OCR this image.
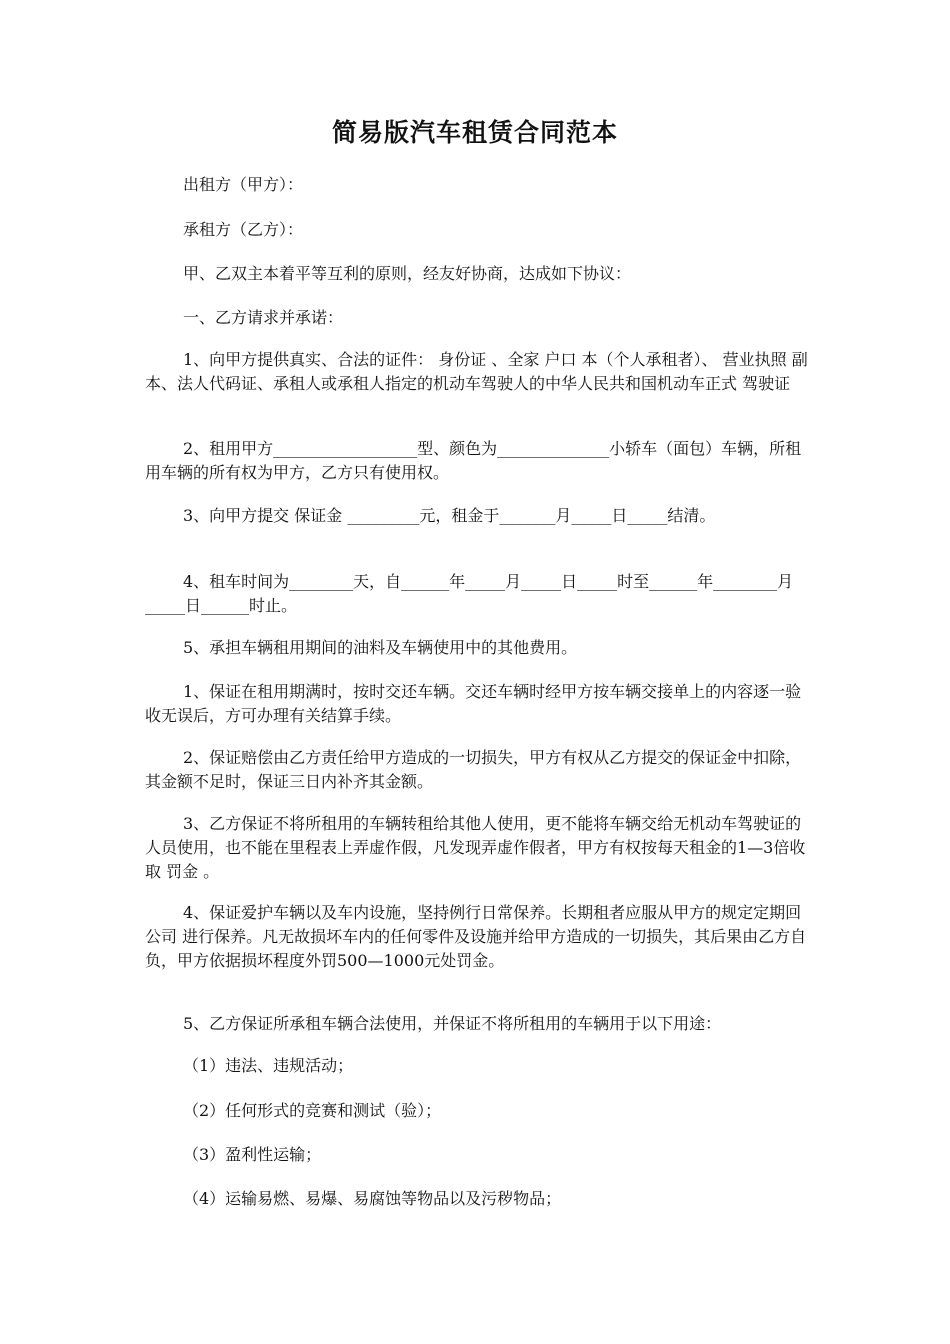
简易版汽车租赁合同范本
出租方（甲方）：
承租方（乙方）：
甲、乙双主本着平等互利的原则，经友好协商，达成如下协议：
一、乙方请求并承诺：
1、向甲方提供真实、合法的证件： 身份证 、全家 户口 本（个人承租者）、 营业执照 副本、法人代码证、承租人或承租人指定的机动车驾驶人的中华人民共和国机动车正式 驾驶证
2、租用甲方__________________型、颜色为______________小轿车（面包）车辆，所租用车辆的所有权为甲方，乙方只有使用权。
3、向甲方提交 保证金 _________元，租金于_______月_____日_____结清。
4、租车时间为________天，自______年_____月_____日_____时至______年________月_____日______时止。
5、承担车辆租用期间的油料及车辆使用中的其他费用。
1、保证在租用期满时，按时交还车辆。交还车辆时经甲方按车辆交接单上的内容逐一验收无误后，方可办理有关结算手续。
2、保证赔偿由乙方责任给甲方造成的一切损失，甲方有权从乙方提交的保证金中扣除，其金额不足时，保证三日内补齐其金额。
3、乙方保证不将所租用的车辆转租给其他人使用，更不能将车辆交给无机动车驾驶证的人员使用，也不能在里程表上弄虚作假，凡发现弄虚作假者，甲方有权按每天租金的1—3倍收取 罚金 。
4、保证爱护车辆以及车内设施，坚持例行日常保养。长期租者应服从甲方的规定定期回 公司 进行保养。凡无故损坏车内的任何零件及设施并给甲方造成的一切损失，其后果由乙方自负，甲方依据损坏程度外罚500—1000元处罚金。
5、乙方保证所承租车辆合法使用，并保证不将所租用的车辆用于以下用途：
（1）违法、违规活动；
（2）任何形式的竞赛和测试（验）；
（3）盈利性运输；
（4）运输易燃、易爆、易腐蚀等物品以及污秽物品；
